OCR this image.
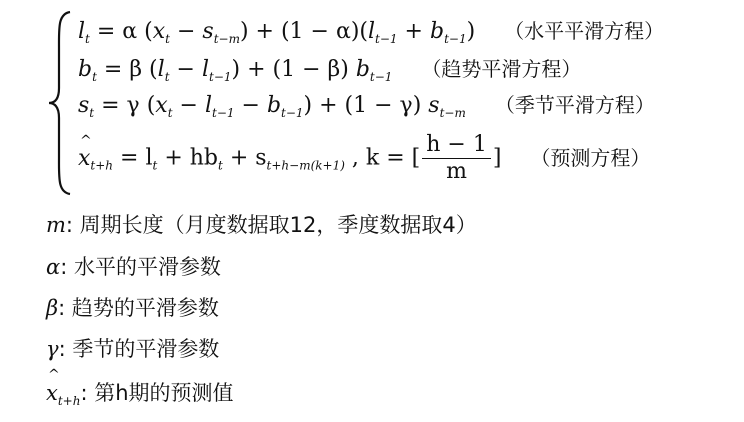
$l_t = \alpha$ $(x_t - s_{t-m}) + (1 - \alpha)(l_{t-1} + b_{t-1})$ （水平平滑方程）
$b_t = \beta$ $(l_t - l_{t-1}) + (1 - \beta)$ $b_{t-1}$ （趋势平滑方程）
$s_t = \gamma$ $(x_t - l_{t-1} - b_{t-1}) + (1 - \gamma)$ $s_{t-m}$ （季节平滑方程）
^ $x_{t+h} = l_t + hb_t + s_{t+h-m(k+1)}$ , k = [ $\frac{h - 1}{m}$ ] （预测方程）
m: 周期长度（月度数据取12，季度数据取4）
α: 水平的平滑参数
β: 趋势的平滑参数
γ: 季节的平滑参数
^ $x_{t+h}$: 第h期的预测值
